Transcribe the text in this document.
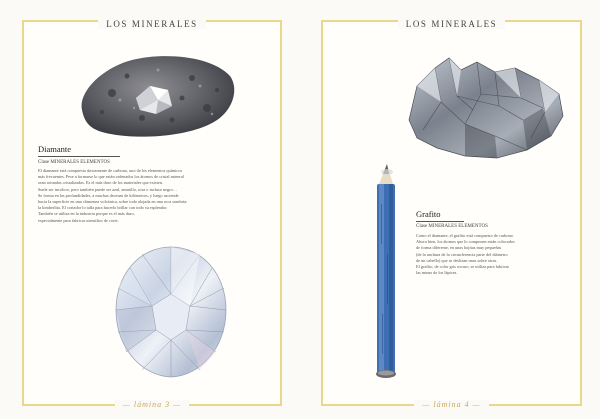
LOS MINERALES
Diamante
Clase MINERALES ELEMENTOS

El diamante está compuesto únicamente de carbono, uno de los elementos químicos

más frecuentes. Pese a formarse lo que están ordenados los átomos de cristal mineral

sean rotundas cristalizadas. Es el más duro de los materiales que existen.

Suele ser incoloro, pero también puede ser azul, amarillo, rosa o incluso negro…

Se forma en las profundidades, a muchas decenas de kilómetros, y luego asciende

hacia la superficie en una chimenea volcánica, sobre todo alojada en una roca sombría:

la kimberlita. El cortador lo talla para hacerlo brillar con todo su esplendor.

También se utiliza en la industria porque es el más duro,

especialmente para fabricar utensilios de corte.

— lámina 3 —
LOS MINERALES
Grafito
Clase MINERALES ELEMENTOS

Como el diamante, el grafito está compuesto de carbono.

Ahora bien, los átomos que lo componen están colocados

de forma diferente, en unas hojitas muy pequeñas

(de la anchura de la circunferencia parte del diámetro

de un cabello) que se deslizan unas sobre otras.

El grafito, de color gris oscuro, se utiliza para fabricar

las minas de los lápices.

— lámina 4 —
